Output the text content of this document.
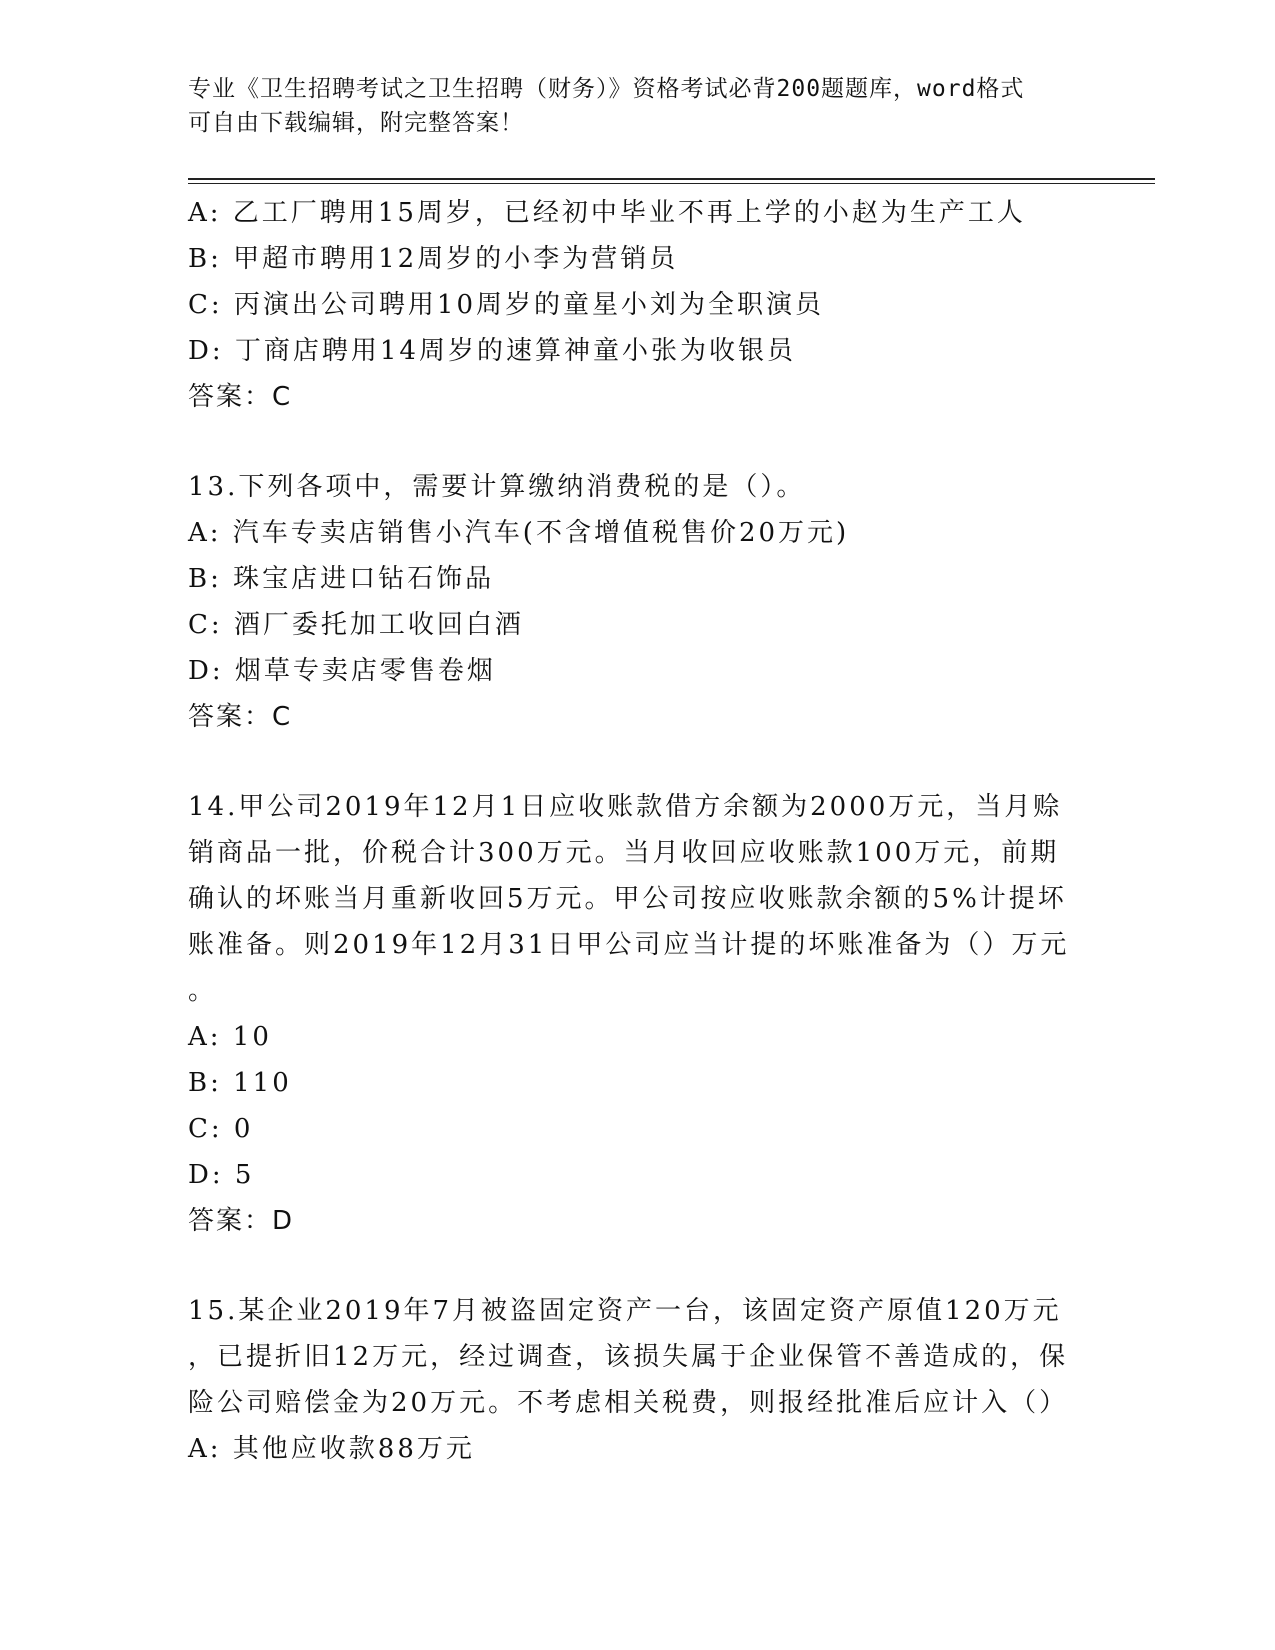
专业《卫生招聘考试之卫生招聘（财务）》资格考试必背200题题库，word格式
可自由下载编辑，附完整答案！
A: 乙工厂聘用15周岁，已经初中毕业不再上学的小赵为生产工人
B: 甲超市聘用12周岁的小李为营销员
C: 丙演出公司聘用10周岁的童星小刘为全职演员
D: 丁商店聘用14周岁的速算神童小张为收银员
答案：C
13.下列各项中，需要计算缴纳消费税的是（）。
A: 汽车专卖店销售小汽车(不含增值税售价20万元)
B: 珠宝店进口钻石饰品
C: 酒厂委托加工收回白酒
D: 烟草专卖店零售卷烟
答案：C
14.甲公司2019年12月1日应收账款借方余额为2000万元，当月赊
销商品一批，价税合计300万元。当月收回应收账款100万元，前期
确认的坏账当月重新收回5万元。甲公司按应收账款余额的5%计提坏
账准备。则2019年12月31日甲公司应当计提的坏账准备为（）万元
。
A: 10
B: 110
C: 0
D: 5
答案：D
15.某企业2019年7月被盗固定资产一台，该固定资产原值120万元
，已提折旧12万元，经过调查，该损失属于企业保管不善造成的，保
险公司赔偿金为20万元。不考虑相关税费，则报经批准后应计入（）
A: 其他应收款88万元
